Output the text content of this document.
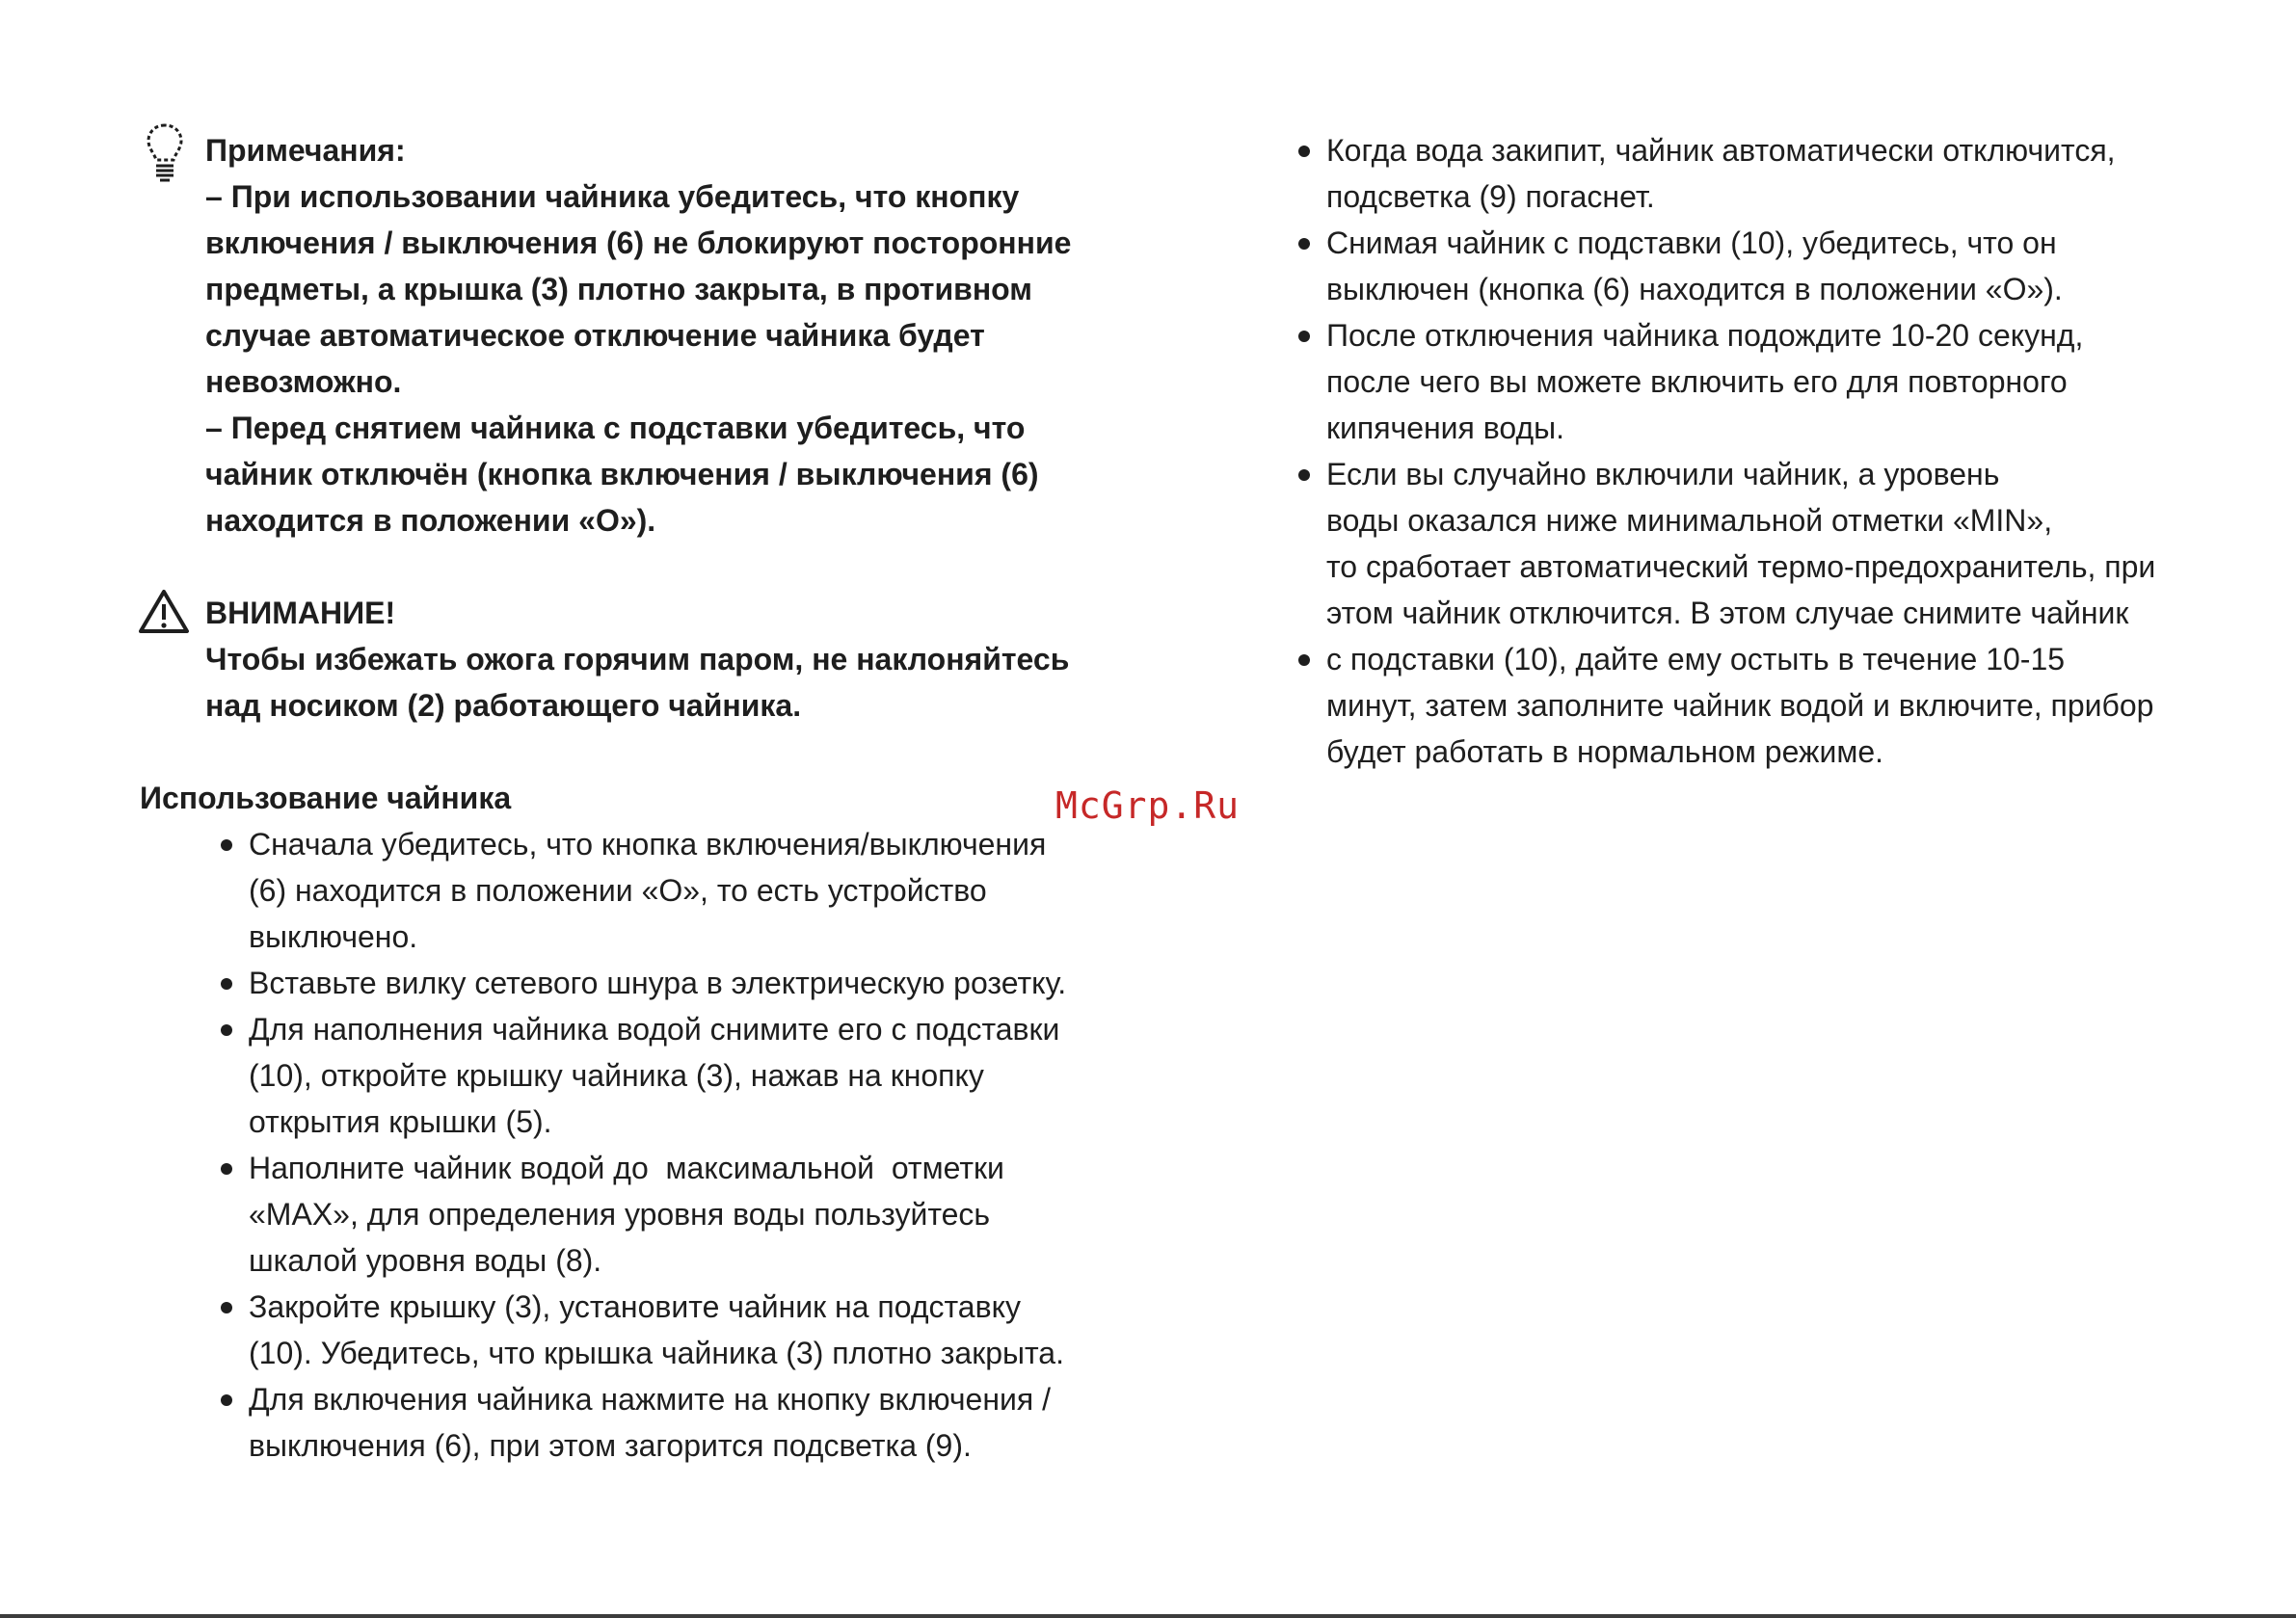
Примечания:

– При использовании чайника убедитесь, что кнопку

включения / выключения (6) не блокируют посторонние

предметы, а крышка (3) плотно закрыта, в противном

случае автоматическое отключение чайника будет

невозможно.

– Перед снятием чайника с подставки убедитесь, что

чайник отключён (кнопка включения / выключения (6)

находится в положении «O»).

ВНИМАНИЕ!

Чтобы избежать ожога горячим паром, не наклоняйтесь

над носиком (2) работающего чайника.

Использование чайника

Сначала убедитесь, что кнопка включения/выключения

(6) находится в положении «O», то есть устройство

выключено.

Вставьте вилку сетевого шнура в электрическую розетку.

Для наполнения чайника водой снимите его с подставки

(10), откройте крышку чайника (3), нажав на кнопку

открытия крышки (5).

Наполните чайник водой до  максимальной  отметки

«MAX», для определения уровня воды пользуйтесь

шкалой уровня воды (8).

Закройте крышку (3), установите чайник на подставку

(10). Убедитесь, что крышка чайника (3) плотно закрыта.

Для включения чайника нажмите на кнопку включения /

выключения (6), при этом загорится подсветка (9).

Когда вода закипит, чайник автоматически отключится,

подсветка (9) погаснет.

Снимая чайник с подставки (10), убедитесь, что он

выключен (кнопка (6) находится в положении «O»).

После отключения чайника подождите 10‑20 секунд,

после чего вы можете включить его для повторного

кипячения воды.

Если вы случайно включили чайник, а уровень

воды оказался ниже минимальной отметки «MIN»,

то сработает автоматический термо-предохранитель, при

этом чайник отключится. В этом случае снимите чайник

с подставки (10), дайте ему остыть в течение 10‑15

минут, затем заполните чайник водой и включите, прибор

будет работать в нормальном режиме.

McGrp.Ru
